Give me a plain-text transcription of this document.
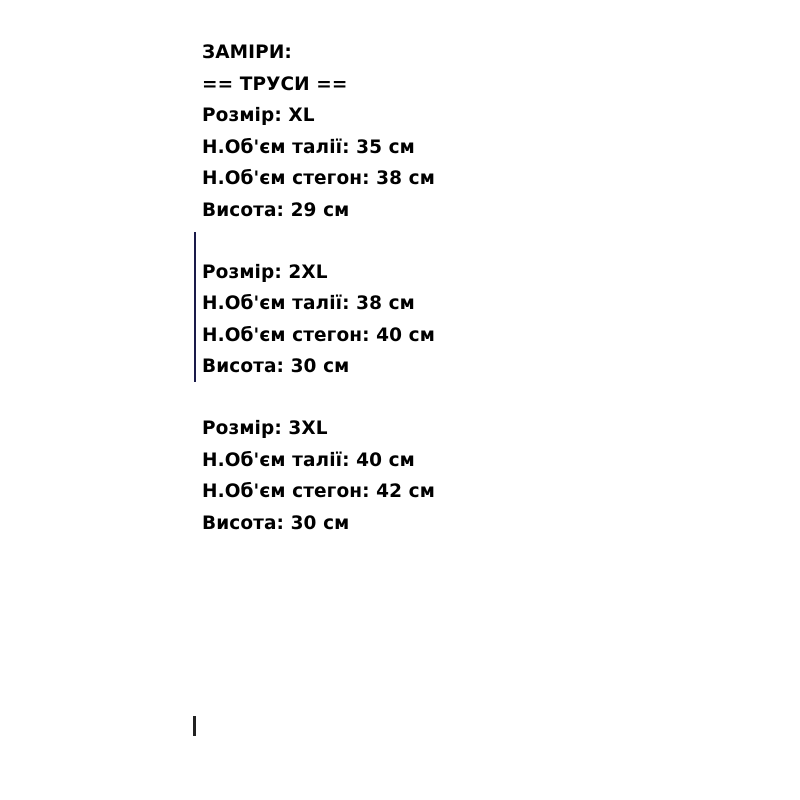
ЗАМІРИ:
== ТРУСИ ==
Розмір: XL
Н.Об'єм талії: 35 см
Н.Об'єм стегон: 38 см
Висота: 29 см
Розмір: 2XL
Н.Об'єм талії: 38 см
Н.Об'єм стегон: 40 см
Висота: 30 см
Розмір: 3XL
Н.Об'єм талії: 40 см
Н.Об'єм стегон: 42 см
Висота: 30 см
